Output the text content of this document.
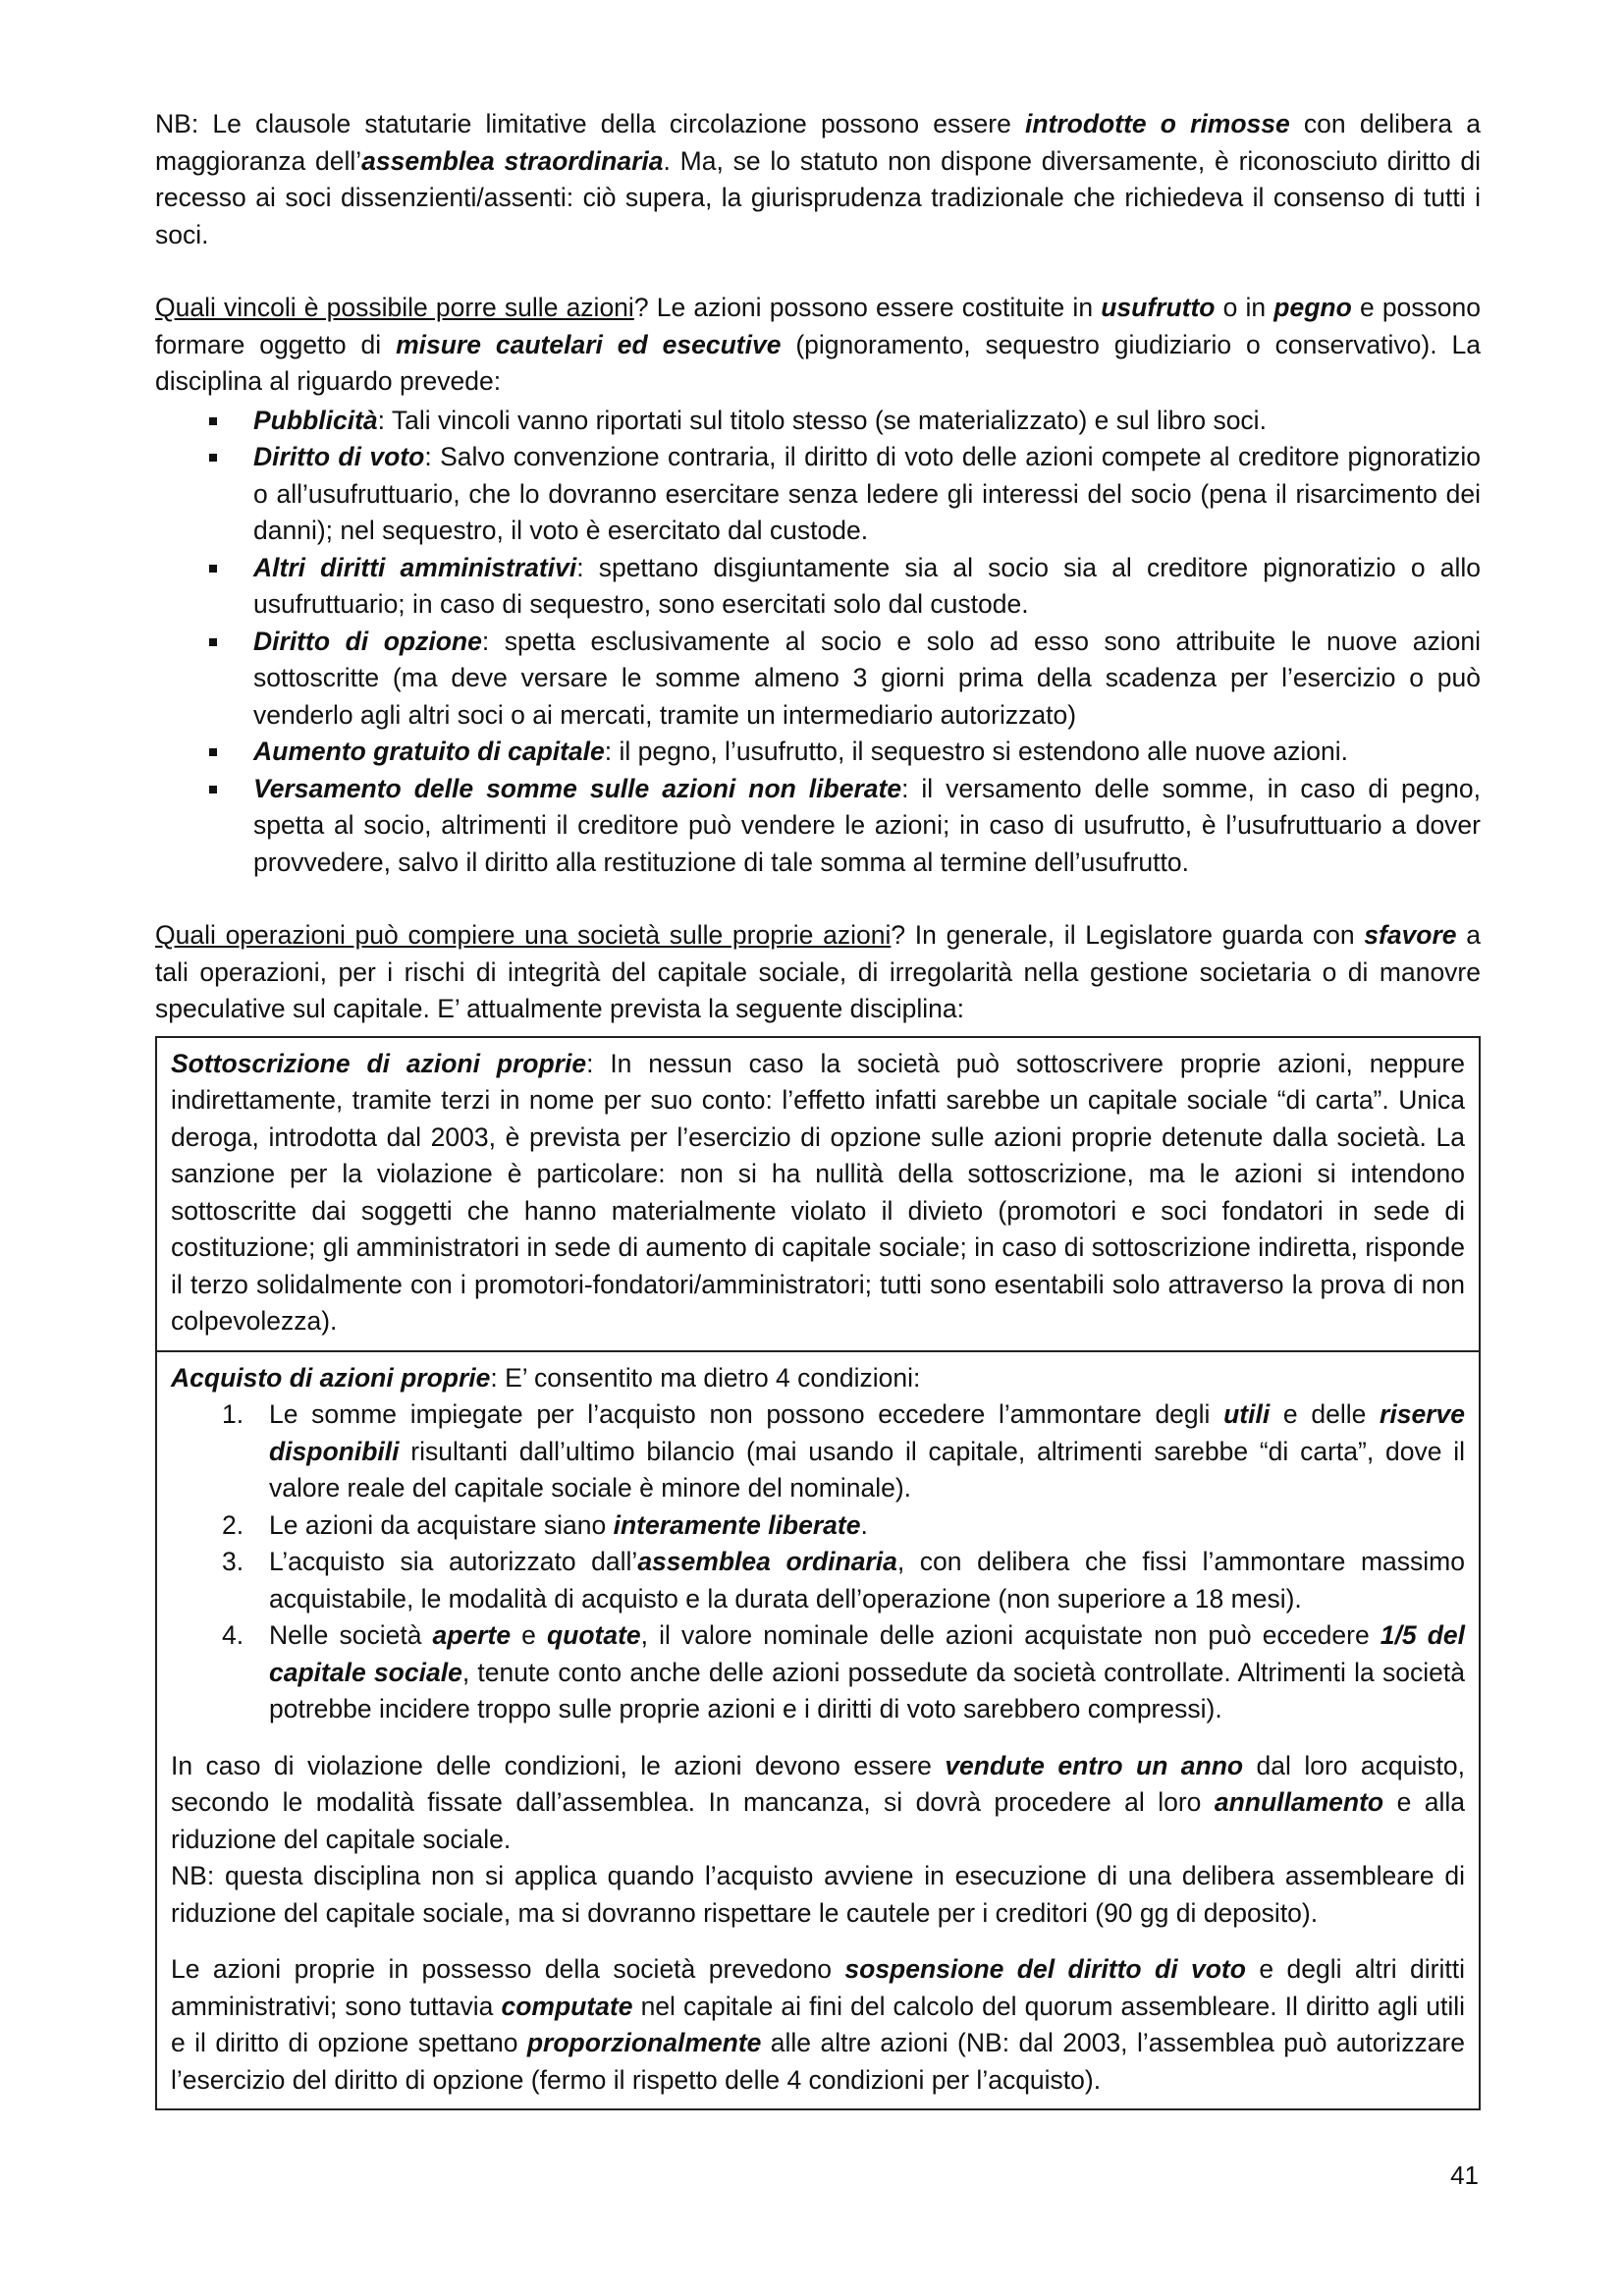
NB: Le clausole statutarie limitative della circolazione possono essere introdotte o rimosse con delibera a maggioranza dell’assemblea straordinaria. Ma, se lo statuto non dispone diversamente, è riconosciuto diritto di recesso ai soci dissenzienti/assenti: ciò supera, la giurisprudenza tradizionale che richiedeva il consenso di tutti i soci.

Quali vincoli è possibile porre sulle azioni? Le azioni possono essere costituite in usufrutto o in pegno e possono formare oggetto di misure cautelari ed esecutive (pignoramento, sequestro giudiziario o conservativo). La disciplina al riguardo prevede:

Pubblicità: Tali vincoli vanno riportati sul titolo stesso (se materializzato) e sul libro soci.
Diritto di voto: Salvo convenzione contraria, il diritto di voto delle azioni compete al creditore pignoratizio o all’usufruttuario, che lo dovranno esercitare senza ledere gli interessi del socio (pena il risarcimento dei danni); nel sequestro, il voto è esercitato dal custode.
Altri diritti amministrativi: spettano disgiuntamente sia al socio sia al creditore pignoratizio o allo usufruttuario; in caso di sequestro, sono esercitati solo dal custode.
Diritto di opzione: spetta esclusivamente al socio e solo ad esso sono attribuite le nuove azioni sottoscritte (ma deve versare le somme almeno 3 giorni prima della scadenza per l’esercizio o può venderlo agli altri soci o ai mercati, tramite un intermediario autorizzato)
Aumento gratuito di capitale: il pegno, l’usufrutto, il sequestro si estendono alle nuove azioni.
Versamento delle somme sulle azioni non liberate: il versamento delle somme, in caso di pegno, spetta al socio, altrimenti il creditore può vendere le azioni; in caso di usufrutto, è l’usufruttuario a dover provvedere, salvo il diritto alla restituzione di tale somma al termine dell’usufrutto.

Quali operazioni può compiere una società sulle proprie azioni? In generale, il Legislatore guarda con sfavore a tali operazioni, per i rischi di integrità del capitale sociale, di irregolarità nella gestione societaria o di manovre speculative sul capitale. E’ attualmente prevista la seguente disciplina:

Sottoscrizione di azioni proprie: In nessun caso la società può sottoscrivere proprie azioni, neppure indirettamente, tramite terzi in nome per suo conto: l’effetto infatti sarebbe un capitale sociale “di carta”. Unica deroga, introdotta dal 2003, è prevista per l’esercizio di opzione sulle azioni proprie detenute dalla società. La sanzione per la violazione è particolare: non si ha nullità della sottoscrizione, ma le azioni si intendono sottoscritte dai soggetti che hanno materialmente violato il divieto (promotori e soci fondatori in sede di costituzione; gli amministratori in sede di aumento di capitale sociale; in caso di sottoscrizione indiretta, risponde il terzo solidalmente con i promotori-fondatori/amministratori; tutti sono esentabili solo attraverso la prova di non colpevolezza).

Acquisto di azioni proprie: E’ consentito ma dietro 4 condizioni:

1. Le somme impiegate per l’acquisto non possono eccedere l’ammontare degli utili e delle riserve disponibili risultanti dall’ultimo bilancio (mai usando il capitale, altrimenti sarebbe “di carta”, dove il valore reale del capitale sociale è minore del nominale).
2. Le azioni da acquistare siano interamente liberate.
3. L’acquisto sia autorizzato dall’assemblea ordinaria, con delibera che fissi l’ammontare massimo acquistabile, le modalità di acquisto e la durata dell’operazione (non superiore a 18 mesi).
4. Nelle società aperte e quotate, il valore nominale delle azioni acquistate non può eccedere 1/5 del capitale sociale, tenute conto anche delle azioni possedute da società controllate. Altrimenti la società potrebbe incidere troppo sulle proprie azioni e i diritti di voto sarebbero compressi).

In caso di violazione delle condizioni, le azioni devono essere vendute entro un anno dal loro acquisto, secondo le modalità fissate dall’assemblea. In mancanza, si dovrà procedere al loro annullamento e alla riduzione del capitale sociale.

NB: questa disciplina non si applica quando l’acquisto avviene in esecuzione di una delibera assembleare di riduzione del capitale sociale, ma si dovranno rispettare le cautele per i creditori (90 gg di deposito).

Le azioni proprie in possesso della società prevedono sospensione del diritto di voto e degli altri diritti amministrativi; sono tuttavia computate nel capitale ai fini del calcolo del quorum assembleare. Il diritto agli utili e il diritto di opzione spettano proporzionalmente alle altre azioni (NB: dal 2003, l’assemblea può autorizzare l’esercizio del diritto di opzione (fermo il rispetto delle 4 condizioni per l’acquisto).

41
